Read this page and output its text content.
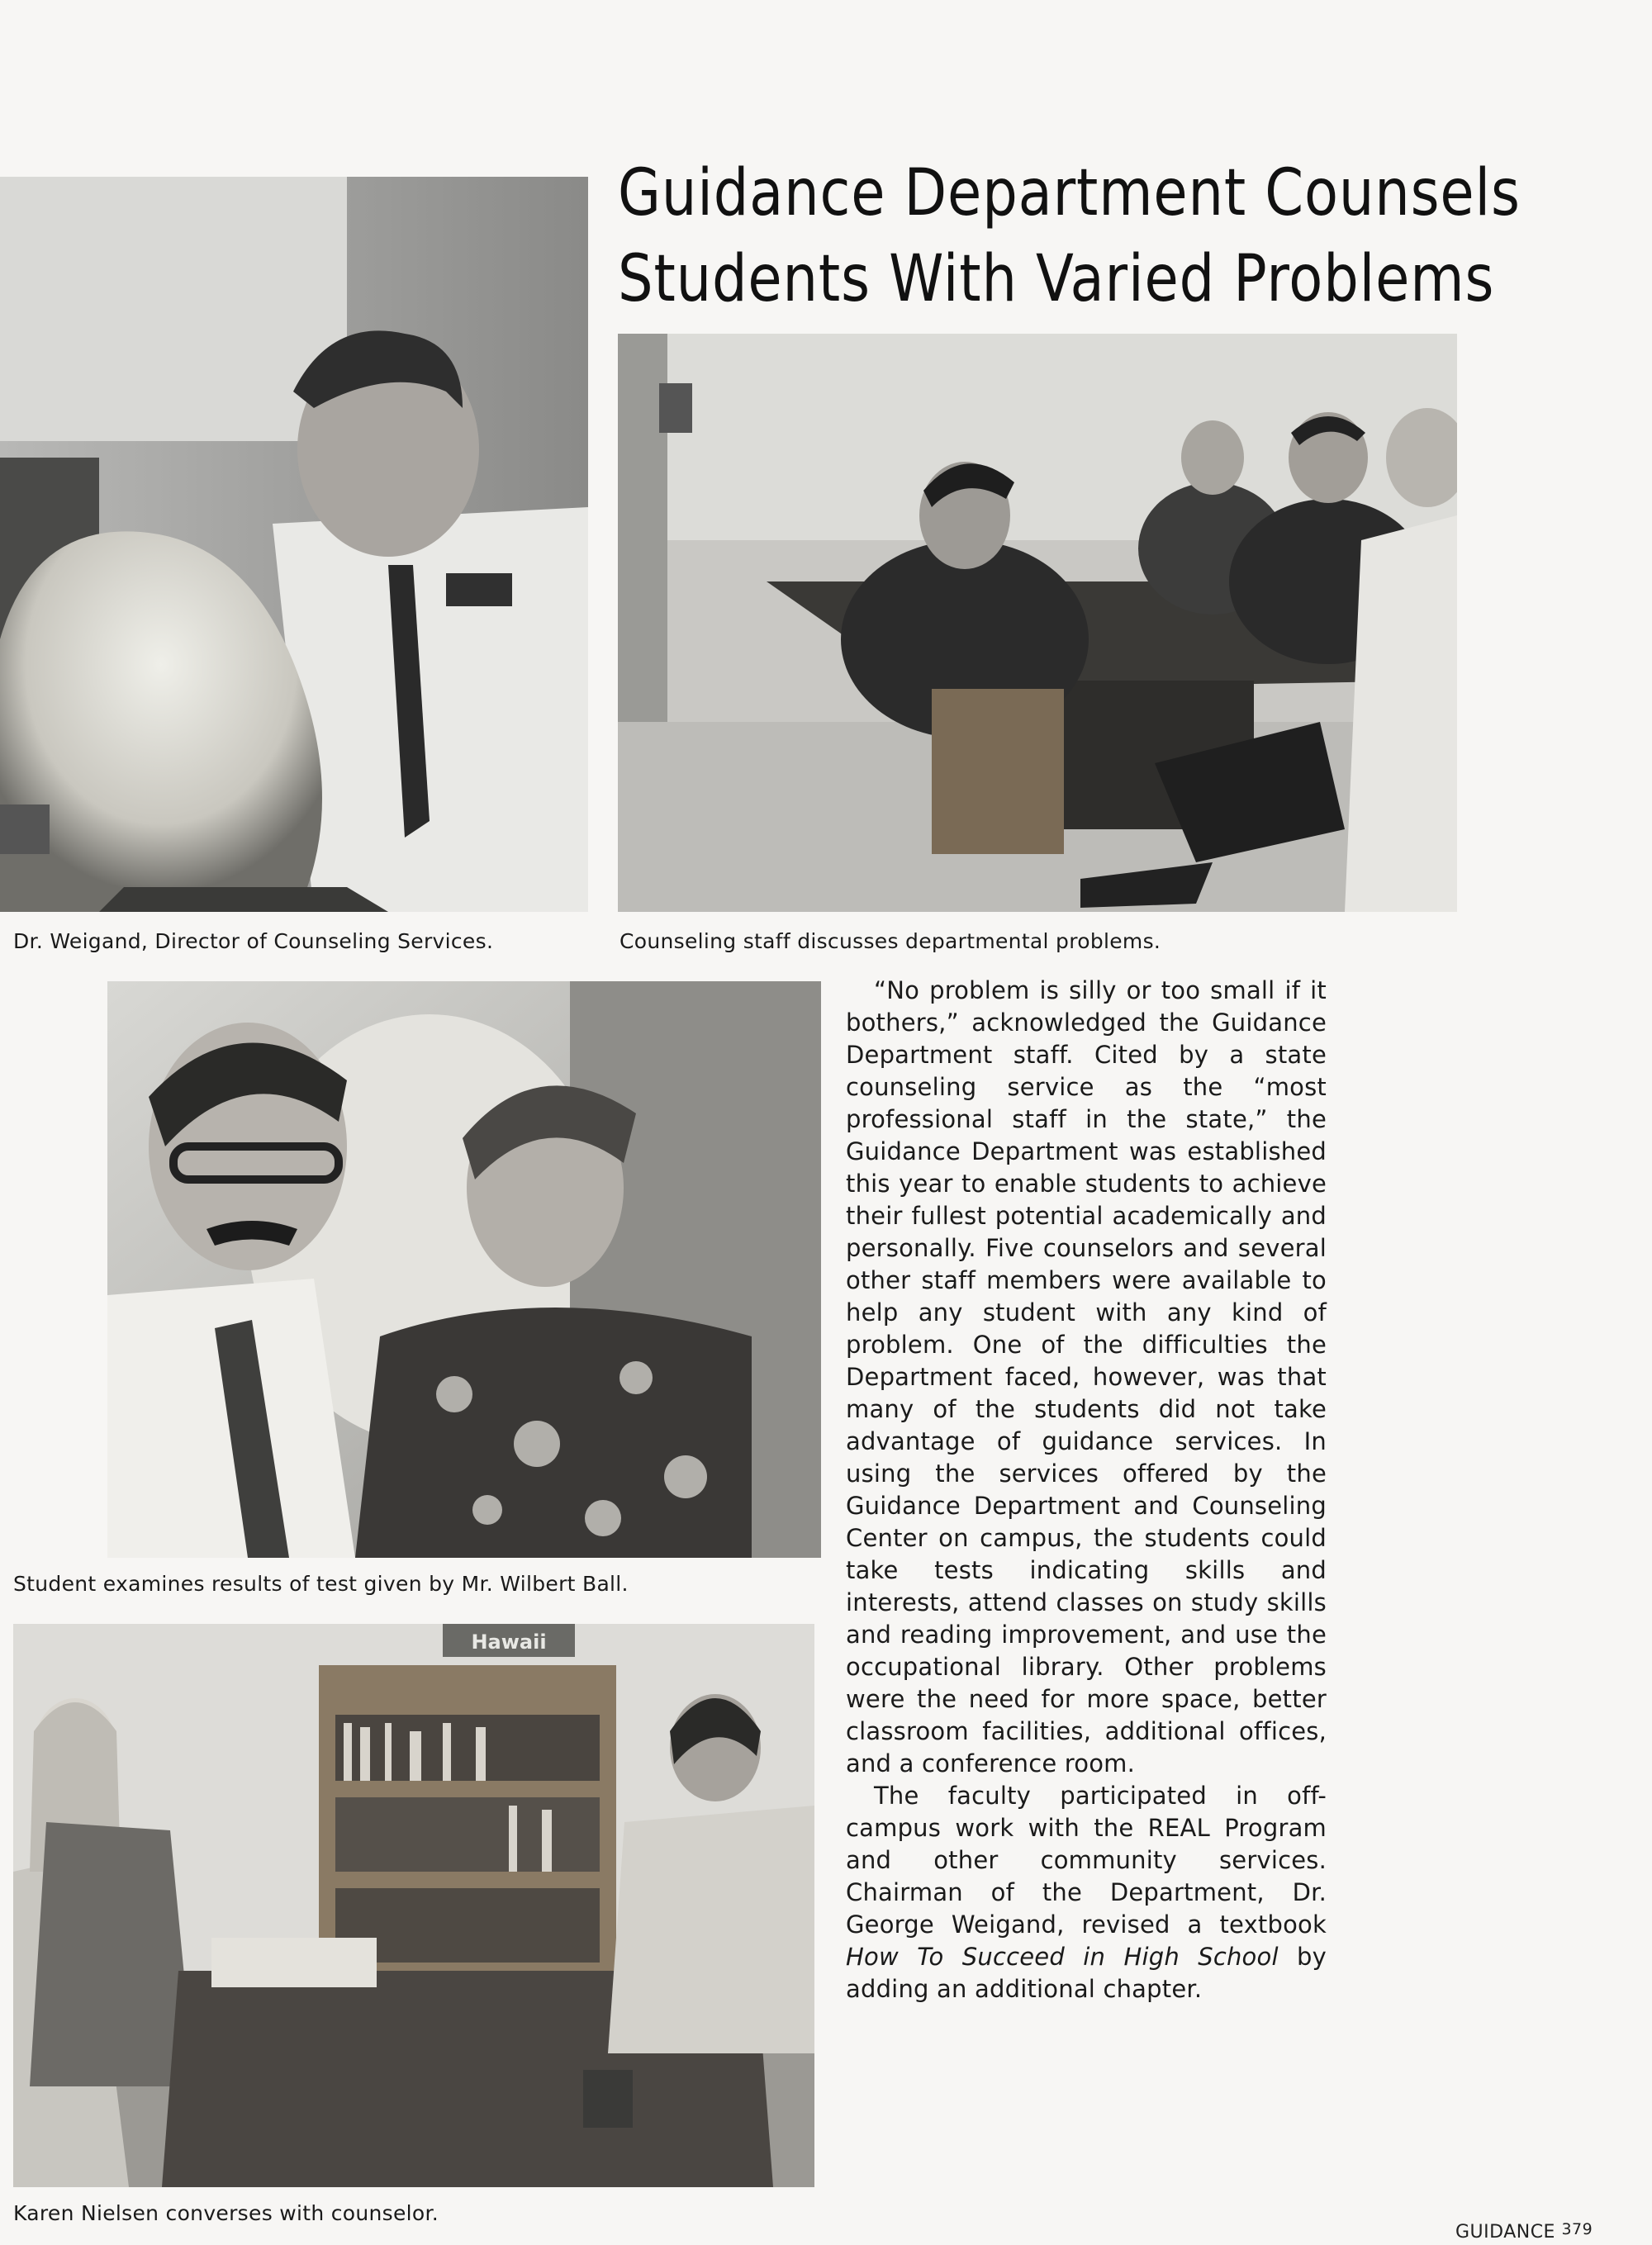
Guidance Department Counsels
Students With Varied Problems
Dr. Weigand, Director of Counseling Services.	Counseling staff discusses departmental problems.
Student examines results of test given by Mr. Wilbert Ball.
Hawaii
Karen Nielsen converses with counselor.

“No problem is silly or too small if it bothers,” acknowledged the Guidance Department staff. Cited by a state counseling service as the “most professional staff in the state,” the Guidance Department was established this year to enable students to achieve their fullest potential academically and personally. Five counselors and several other staff members were available to help any student with any kind of problem. One of the difficulties the Department faced, however, was that many of the students did not take advantage of guidance services. In using the services offered by the Guidance Department and Counseling Center on campus, the students could take tests indicating skills and interests, attend classes on study skills and reading improvement, and use the occupational library. Other problems were the need for more space, better classroom facilities, additional offices, and a conference room.

The faculty participated in off-campus work with the REAL Program and other community services. Chairman of the Department, Dr. George Weigand, revised a textbook How To Succeed in High School by adding an additional chapter.

GUIDANCE 379
